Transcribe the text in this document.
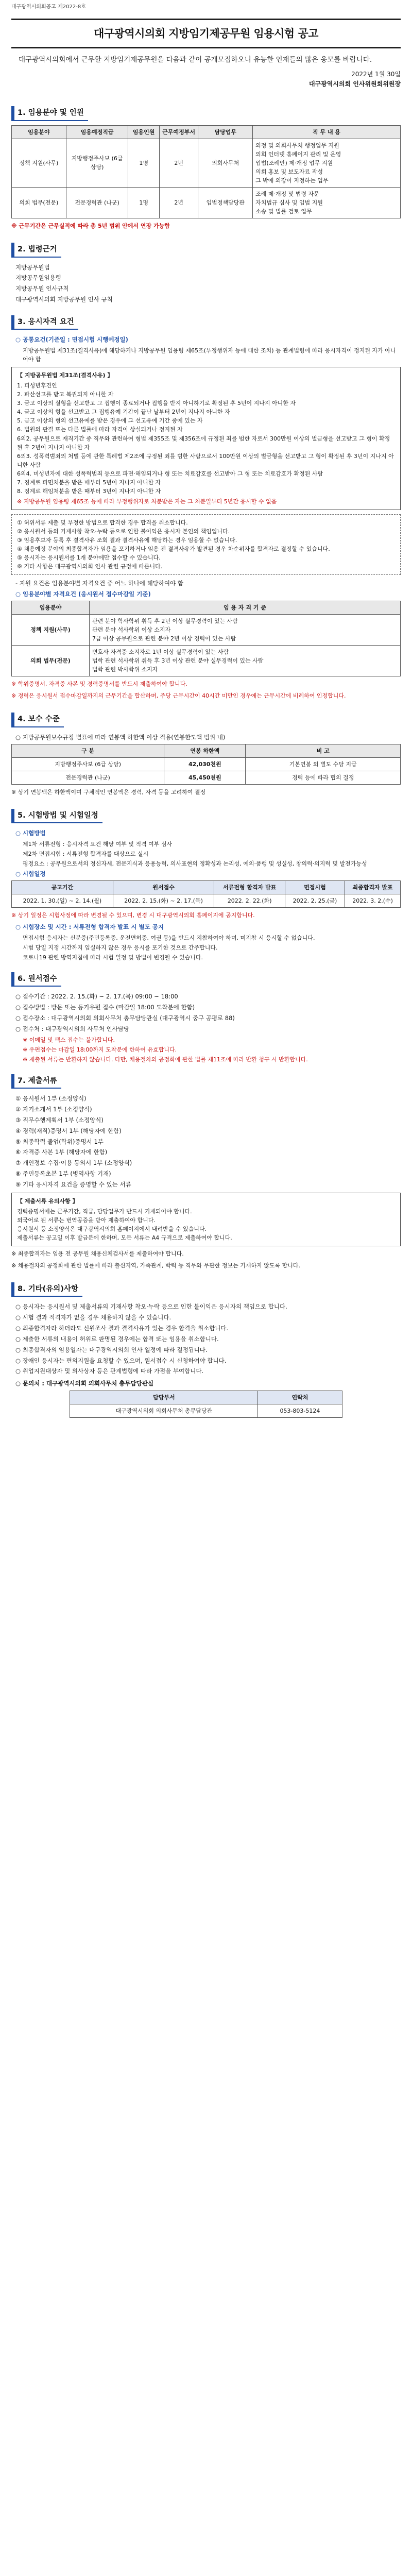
대구광역시의회공고 제2022-8호
대구광역시의회 지방임기제공무원 임용시험 공고

대구광역시의회에서 근무할 지방임기제공무원을 다음과 같이 공개모집하오니 유능한 인재들의 많은 응모를 바랍니다.

2022년 1월 30일
대구광역시의회 인사위원회위원장
1. 임용분야 및 인원
임용분야	임용예정직급	임용인원	근무예정부서	담당업무	직 무 내 용
정책 지원(사무)	지방행정주사보 (6급 상당)	1명	2년	의회사무처	의정 및 의회사무처 행정업무 지원
의회 인터넷 홈페이지 관리 및 운영
입법(조례안) 제·개정 업무 지원
의회 홍보 및 보도자료 작성
그 밖에 의장이 지정하는 업무

의회 법무(전문)	전문경력관 (나군)	1명	2년	입법정책담당관	조례 제·개정 및 법령 자문
자치법규 심사 및 입법 지원
소송 및 법률 검토 업무
※ 근무기간은 근무실적에 따라 총 5년 범위 안에서 연장 가능함
2. 법령근거
지방공무원법
지방공무원임용령
지방공무원 인사규칙
대구광역시의회 지방공무원 인사 규칙
3. 응시자격 요건
○ 공통요건(기준일 : 면접시험 시행예정일)
지방공무원법 제31조(결격사유)에 해당하거나 지방공무원 임용령 제65조(부정행위자 등에 대한 조치) 등 관계법령에 따라 응시자격이 정지된 자가 아니어야 함
【 지방공무원법 제31조(결격사유) 】
1. 피성년후견인
2. 파산선고를 받고 복권되지 아니한 자
3. 금고 이상의 실형을 선고받고 그 집행이 종료되거나 집행을 받지 아니하기로 확정된 후 5년이 지나지 아니한 자
4. 금고 이상의 형을 선고받고 그 집행유예 기간이 끝난 날부터 2년이 지나지 아니한 자
5. 금고 이상의 형의 선고유예를 받은 경우에 그 선고유예 기간 중에 있는 자
6. 법원의 판결 또는 다른 법률에 따라 자격이 상실되거나 정지된 자
6의2. 공무원으로 재직기간 중 직무와 관련하여 형법 제355조 및 제356조에 규정된 죄를 범한 자로서 300만원 이상의 벌금형을 선고받고 그 형이 확정된 후 2년이 지나지 아니한 자
6의3. 성폭력범죄의 처벌 등에 관한 특례법 제2조에 규정된 죄를 범한 사람으로서 100만원 이상의 벌금형을 선고받고 그 형이 확정된 후 3년이 지나지 아니한 사람
6의4. 미성년자에 대한 성폭력범죄 등으로 파면·해임되거나 형 또는 치료감호를 선고받아 그 형 또는 치료감호가 확정된 사람
7. 징계로 파면처분을 받은 때부터 5년이 지나지 아니한 자
8. 징계로 해임처분을 받은 때부터 3년이 지나지 아니한 자
※ 지방공무원 임용령 제65조 등에 따라 부정행위자로 처분받은 자는 그 처분일부터 5년간 응시할 수 없음
① 허위서류 제출 및 부정한 방법으로 합격한 경우 합격을 취소합니다.
② 응시원서 등의 기재사항 착오·누락 등으로 인한 불이익은 응시자 본인의 책임입니다.
③ 임용후보자 등록 후 결격사유 조회 결과 결격사유에 해당하는 경우 임용할 수 없습니다.
④ 채용예정 분야의 최종합격자가 임용을 포기하거나 임용 전 결격사유가 발견된 경우 차순위자를 합격자로 결정할 수 있습니다.
⑤ 응시자는 응시원서를 1개 분야에만 접수할 수 있습니다.
⑥ 기타 사항은 대구광역시의회 인사 관련 규정에 따릅니다.
- 지원 요건은 임용분야별 자격요건 중 어느 하나에 해당하여야 함
○ 임용분야별 자격요건 (응시원서 접수마감일 기준)
임용분야	임 용 자 격 기 준
정책 지원(사무)	관련 분야 학사학위 취득 후 2년 이상 실무경력이 있는 사람
관련 분야 석사학위 이상 소지자
7급 이상 공무원으로 관련 분야 2년 이상 경력이 있는 사람

의회 법무(전문)	변호사 자격증 소지자로 1년 이상 실무경력이 있는 사람
법학 관련 석사학위 취득 후 3년 이상 관련 분야 실무경력이 있는 사람
법학 관련 박사학위 소지자
※ 학위증명서, 자격증 사본 및 경력증명서를 반드시 제출하여야 합니다.
※ 경력은 응시원서 접수마감일까지의 근무기간을 합산하며, 주당 근무시간이 40시간 미만인 경우에는 근무시간에 비례하여 인정합니다.
4. 보수 수준
○ 지방공무원보수규정 별표에 따라 연봉액 하한액 이상 적용(연봉한도액 범위 내)
구 분	연봉 하한액	비 고
지방행정주사보 (6급 상당)	42,030천원	기본연봉 외 별도 수당 지급
전문경력관 (나군)	45,450천원	경력 등에 따라 협의 결정
※ 상기 연봉액은 하한액이며 구체적인 연봉액은 경력, 자격 등을 고려하여 결정
5. 시험방법 및 시험일정
○ 시험방법
제1차 서류전형 : 응시자격 요건 해당 여부 및 적격 여부 심사
제2차 면접시험 : 서류전형 합격자를 대상으로 실시
평정요소 : 공무원으로서의 정신자세, 전문지식과 응용능력, 의사표현의 정확성과 논리성, 예의·품행 및 성실성, 창의력·의지력 및 발전가능성
○ 시험일정
공고기간	원서접수	서류전형 합격자 발표	면접시험	최종합격자 발표
2022. 1. 30.(일) ~ 2. 14.(월)	2022. 2. 15.(화) ~ 2. 17.(목)	2022. 2. 22.(화)	2022. 2. 25.(금)	2022. 3. 2.(수)
※ 상기 일정은 시험사정에 따라 변경될 수 있으며, 변경 시 대구광역시의회 홈페이지에 공지합니다.
○ 시험장소 및 시간 : 서류전형 합격자 발표 시 별도 공지
면접시험 응시자는 신분증(주민등록증, 운전면허증, 여권 등)을 반드시 지참하여야 하며, 미지참 시 응시할 수 없습니다.
시험 당일 지정 시간까지 입실하지 않은 경우 응시를 포기한 것으로 간주합니다.
코로나19 관련 방역지침에 따라 시험 일정 및 방법이 변경될 수 있습니다.
6. 원서접수
○ 접수기간 : 2022. 2. 15.(화) ~ 2. 17.(목) 09:00 ~ 18:00
○ 접수방법 : 방문 또는 등기우편 접수 (마감일 18:00 도착분에 한함)
○ 접수장소 : 대구광역시의회 의회사무처 총무담당관실 (대구광역시 중구 공평로 88)
○ 접수처 : 대구광역시의회 사무처 인사담당
※ 이메일 및 팩스 접수는 불가합니다.
※ 우편접수는 마감일 18:00까지 도착분에 한하여 유효합니다.
※ 제출된 서류는 반환하지 않습니다. 다만, 채용절차의 공정화에 관한 법률 제11조에 따라 반환 청구 시 반환합니다.
7. 제출서류
① 응시원서 1부 (소정양식)
② 자기소개서 1부 (소정양식)
③ 직무수행계획서 1부 (소정양식)
④ 경력(재직)증명서 1부 (해당자에 한함)
⑤ 최종학력 졸업(학위)증명서 1부
⑥ 자격증 사본 1부 (해당자에 한함)
⑦ 개인정보 수집·이용 동의서 1부 (소정양식)
⑧ 주민등록초본 1부 (병역사항 기재)
⑨ 기타 응시자격 요건을 증명할 수 있는 서류
【 제출서류 유의사항 】
경력증명서에는 근무기간, 직급, 담당업무가 반드시 기재되어야 합니다.
외국어로 된 서류는 번역공증을 받아 제출하여야 합니다.
응시원서 등 소정양식은 대구광역시의회 홈페이지에서 내려받을 수 있습니다.
제출서류는 공고일 이후 발급분에 한하며, 모든 서류는 A4 규격으로 제출하여야 합니다.
※ 최종합격자는 임용 전 공무원 채용신체검사서를 제출하여야 합니다.
※ 채용절차의 공정화에 관한 법률에 따라 출신지역, 가족관계, 학력 등 직무와 무관한 정보는 기재하지 않도록 합니다.
8. 기타(유의)사항
○ 응시자는 응시원서 및 제출서류의 기재사항 착오·누락 등으로 인한 불이익은 응시자의 책임으로 합니다.
○ 시험 결과 적격자가 없을 경우 채용하지 않을 수 있습니다.
○ 최종합격자라 하더라도 신원조사 결과 결격사유가 있는 경우 합격을 취소합니다.
○ 제출한 서류의 내용이 허위로 판명된 경우에는 합격 또는 임용을 취소합니다.
○ 최종합격자의 임용일자는 대구광역시의회 인사 일정에 따라 결정됩니다.
○ 장애인 응시자는 편의지원을 요청할 수 있으며, 원서접수 시 신청하여야 합니다.
○ 취업지원대상자 및 의사상자 등은 관계법령에 따라 가점을 부여합니다.
○ 문의처 : 대구광역시의회 의회사무처 총무담당관실
담당부서	연락처
대구광역시의회 의회사무처 총무담당관	053-803-5124
